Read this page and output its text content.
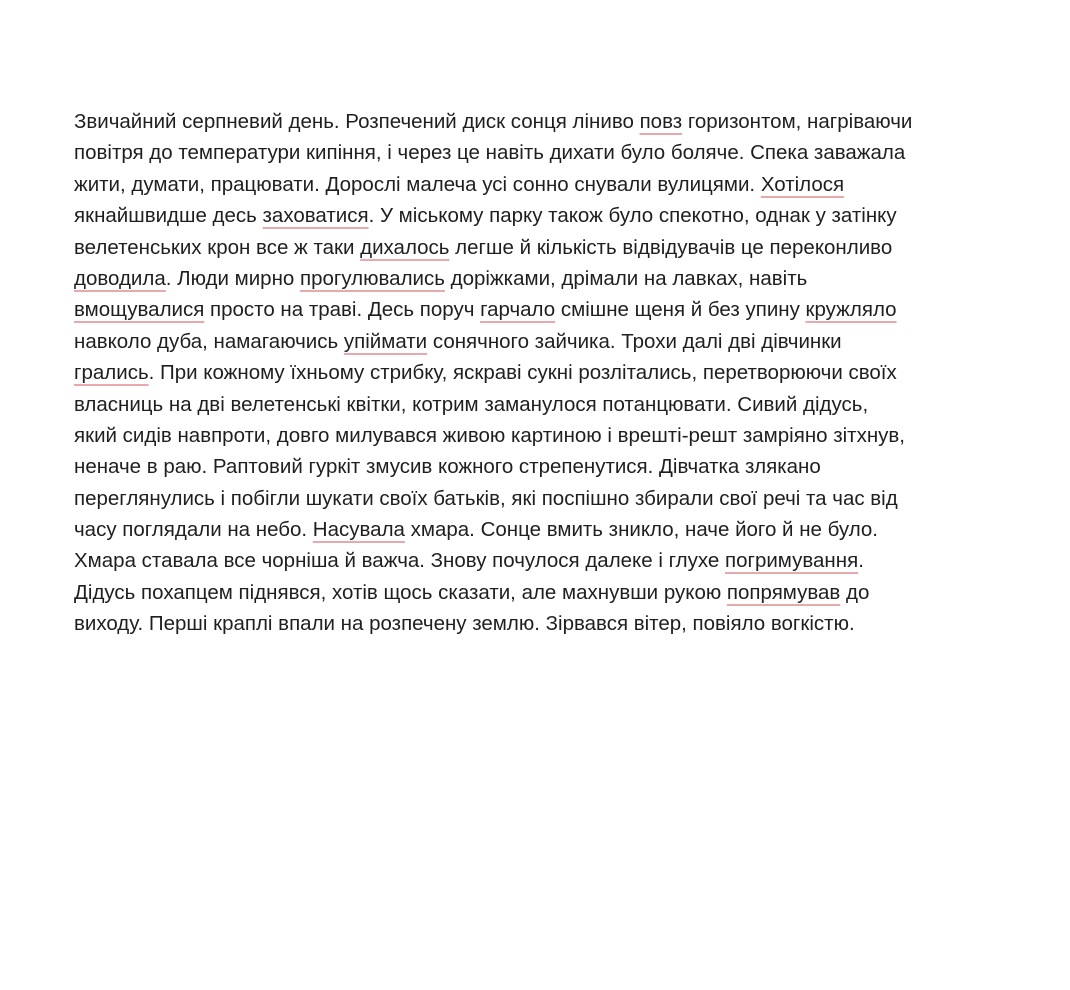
Звичайний серпневий день. Розпечений диск сонця ліниво повз горизонтом, нагріваючи
повітря до температури кипіння, і через це навіть дихати було боляче. Спека заважала
жити, думати, працювати. Дорослі малеча усі сонно снували вулицями. Хотілося
якнайшвидше десь заховатися. У міському парку також було спекотно, однак у затінку
велетенських крон все ж таки дихалось легше й кількість відвідувачів це переконливо
доводила. Люди мирно прогулювались доріжками, дрімали на лавках, навіть
вмощувалися просто на траві. Десь поруч гарчало смішне щеня й без упину кружляло
навколо дуба, намагаючись упіймати сонячного зайчика. Трохи далі дві дівчинки
грались. При кожному їхньому стрибку, яскраві сукні розлітались, перетворюючи своїх
власниць на дві велетенські квітки, котрим заманулося потанцювати. Сивий дідусь,
який сидів навпроти, довго милувався живою картиною і врешті-решт замріяно зітхнув,
неначе в раю. Раптовий гуркіт змусив кожного стрепенутися. Дівчатка злякано
переглянулись і побігли шукати своїх батьків, які поспішно збирали свої речі та час від
часу поглядали на небо. Насувала хмара. Сонце вмить зникло, наче його й не було.
Хмара ставала все чорніша й важча. Знову почулося далеке і глухе погримування.
Дідусь похапцем піднявся, хотів щось сказати, але махнувши рукою попрямував до
виходу. Перші краплі впали на розпечену землю. Зірвався вітер, повіяло вогкістю.
